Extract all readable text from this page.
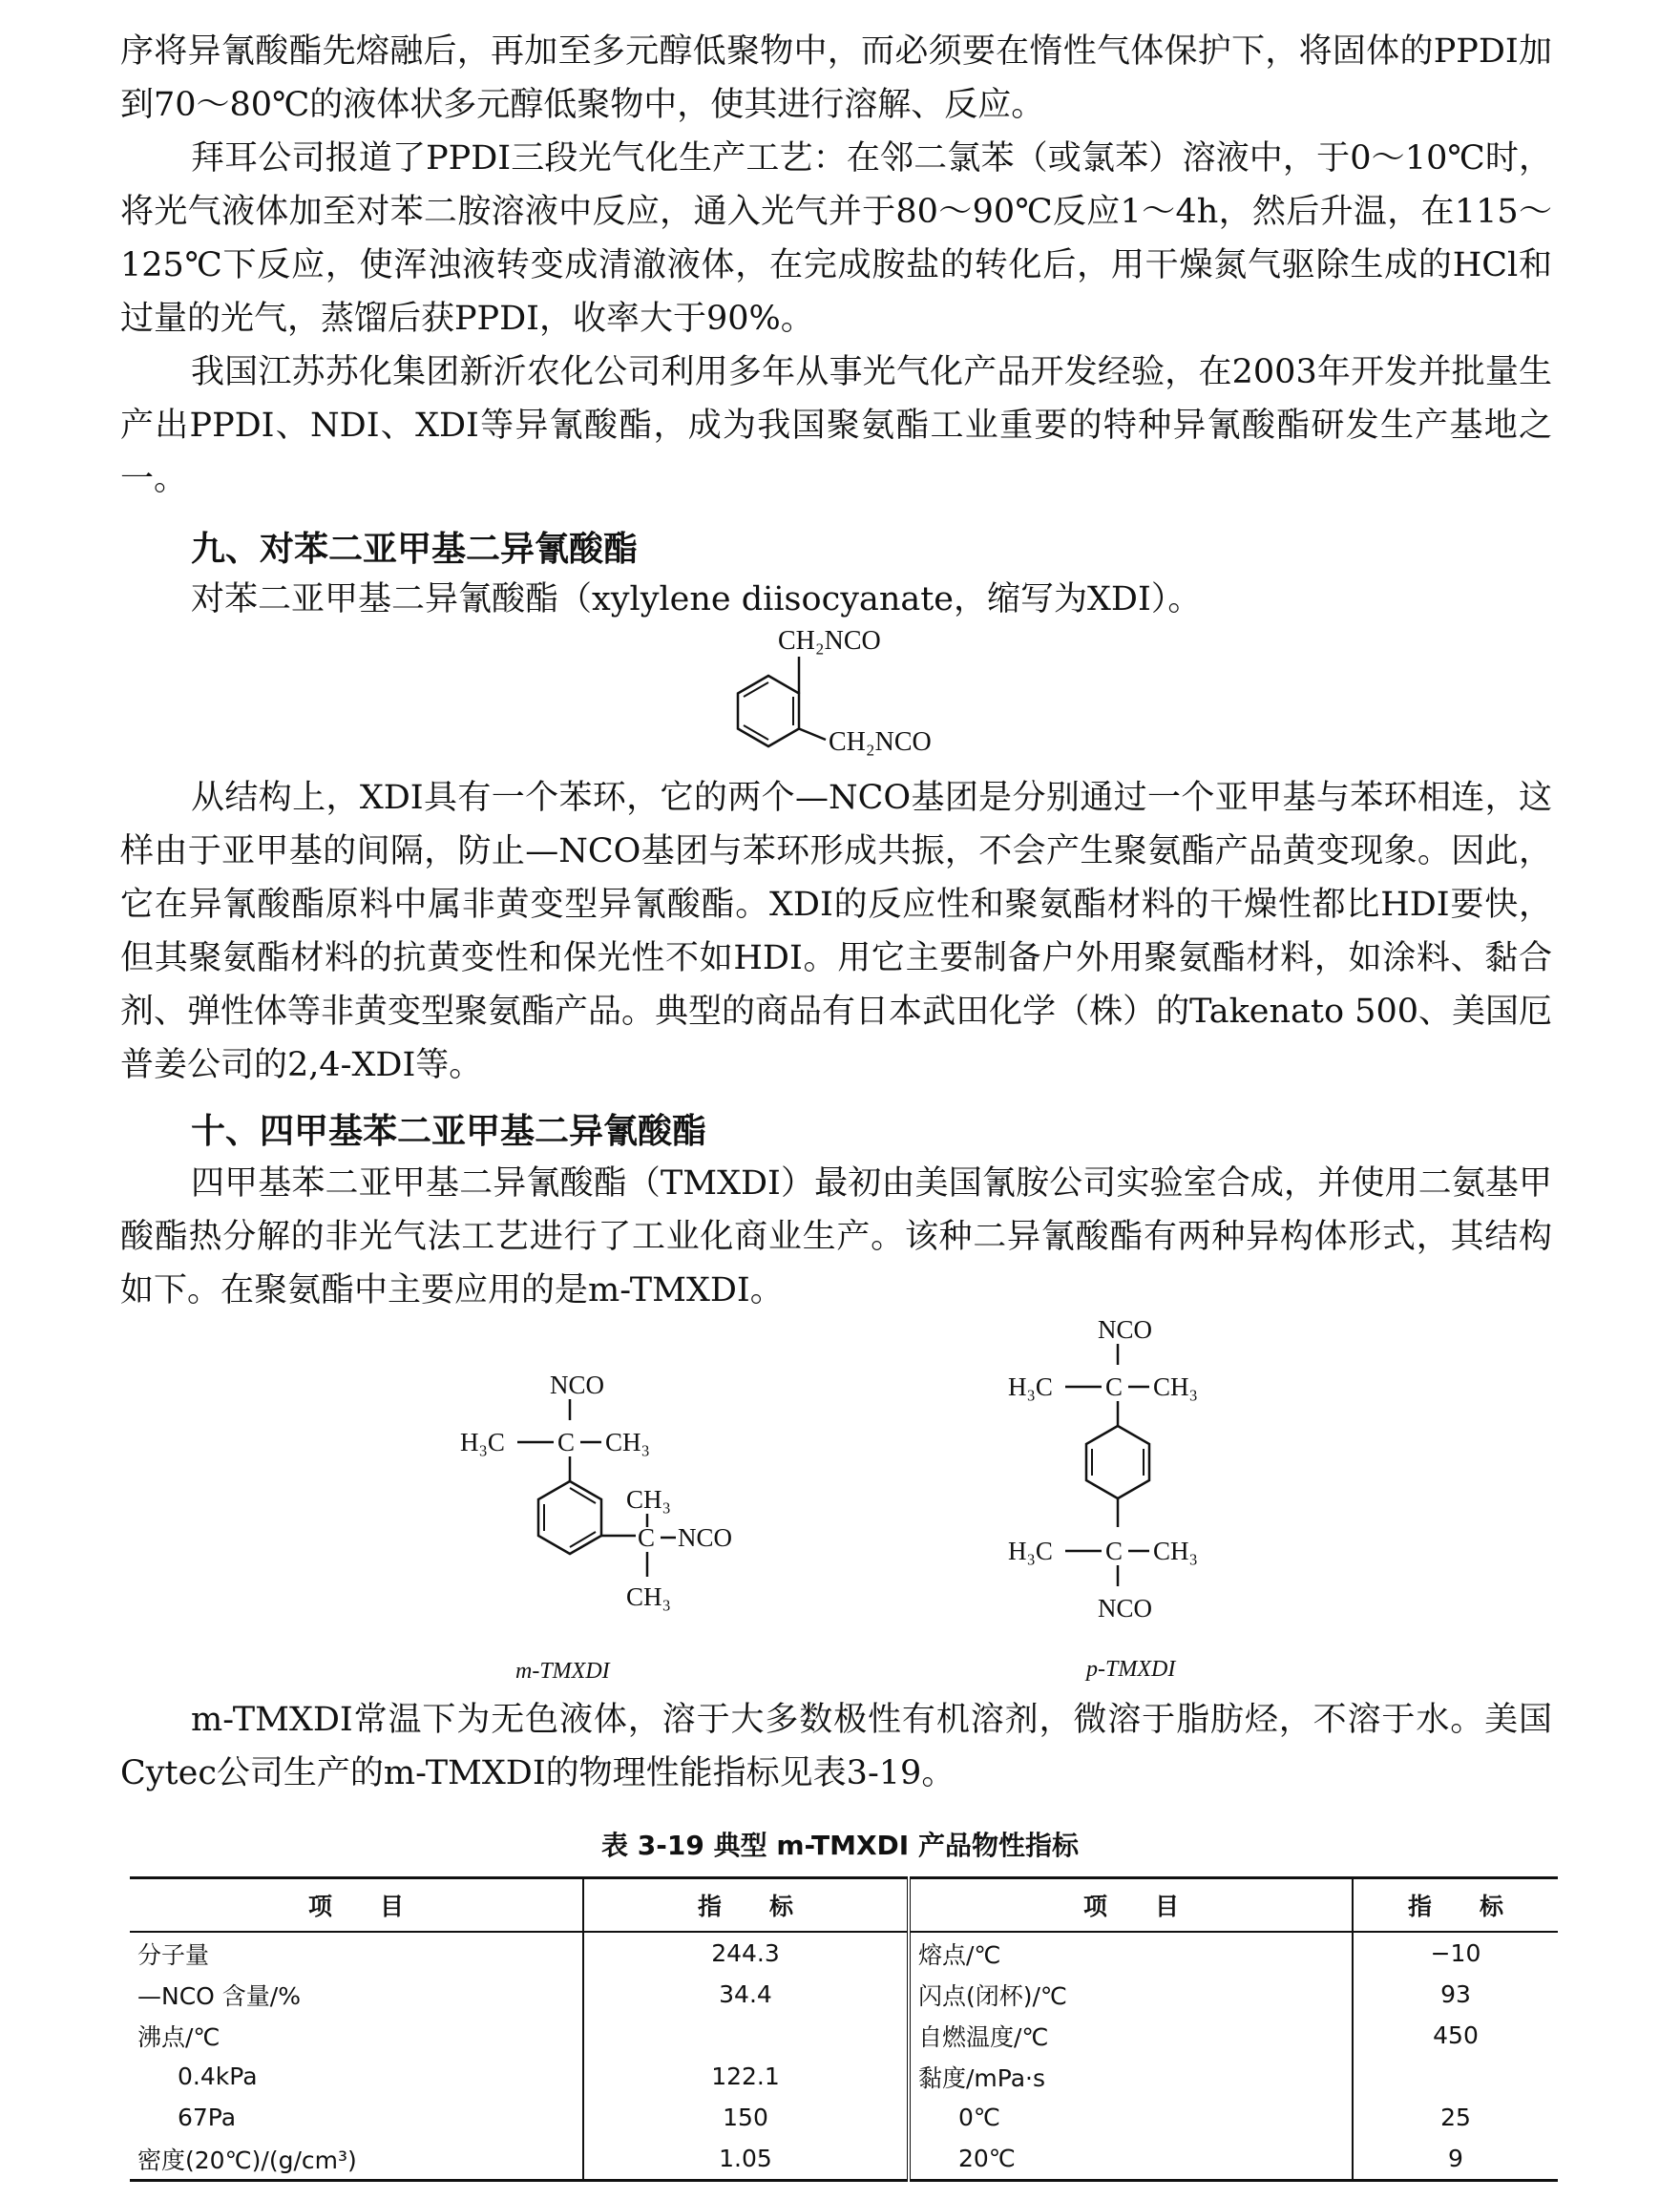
序将异氰酸酯先熔融后，再加至多元醇低聚物中，而必须要在惰性气体保护下，将固体的PPDI加到70～80℃的液体状多元醇低聚物中，使其进行溶解、反应。

拜耳公司报道了PPDI三段光气化生产工艺：在邻二氯苯（或氯苯）溶液中，于0～10℃时，将光气液体加至对苯二胺溶液中反应，通入光气并于80～90℃反应1～4h，然后升温，在115～125℃下反应，使浑浊液转变成清澈液体，在完成胺盐的转化后，用干燥氮气驱除生成的HCl和过量的光气，蒸馏后获PPDI，收率大于90%。

我国江苏苏化集团新沂农化公司利用多年从事光气化产品开发经验，在2003年开发并批量生产出PPDI、NDI、XDI等异氰酸酯，成为我国聚氨酯工业重要的特种异氰酸酯研发生产基地之一。

九、对苯二亚甲基二异氰酸酯

对苯二亚甲基二异氰酸酯（xylylene diisocyanate，缩写为XDI）。

CH₂NCO
CH₂NCO

从结构上，XDI具有一个苯环，它的两个—NCO基团是分别通过一个亚甲基与苯环相连，这样由于亚甲基的间隔，防止—NCO基团与苯环形成共振，不会产生聚氨酯产品黄变现象。因此，它在异氰酸酯原料中属非黄变型异氰酸酯。XDI的反应性和聚氨酯材料的干燥性都比HDI要快，但其聚氨酯材料的抗黄变性和保光性不如HDI。用它主要制备户外用聚氨酯材料，如涂料、黏合剂、弹性体等非黄变型聚氨酯产品。典型的商品有日本武田化学（株）的Takenato 500、美国厄普姜公司的2,4-XDI等。

十、四甲基苯二亚甲基二异氰酸酯

四甲基苯二亚甲基二异氰酸酯（TMXDI）最初由美国氰胺公司实验室合成，并使用二氨基甲酸酯热分解的非光气法工艺进行了工业化商业生产。该种二异氰酸酯有两种异构体形式，其结构如下。在聚氨酯中主要应用的是m-TMXDI。

NCO
H₃C C CH₃
CH₃
C NCO
CH₃
m-TMXDI
NCO
H₃C C CH₃
H₃C C CH₃
NCO
p-TMXDI

m-TMXDI常温下为无色液体，溶于大多数极性有机溶剂，微溶于脂肪烃，不溶于水。美国Cytec公司生产的m-TMXDI的物理性能指标见表3-19。

表 3-19 典型 m-TMXDI 产品物性指标
项　　目	指　　标	项　　目	指　　标
分子量	244.3	熔点/℃	−10
—NCO 含量/%	34.4	闪点(闭杯)/℃	93
沸点/℃		自燃温度/℃	450
0.4kPa	122.1	黏度/mPa·s	
67Pa	150	0℃	25
密度(20℃)/(g/cm³)	1.05	20℃	9
